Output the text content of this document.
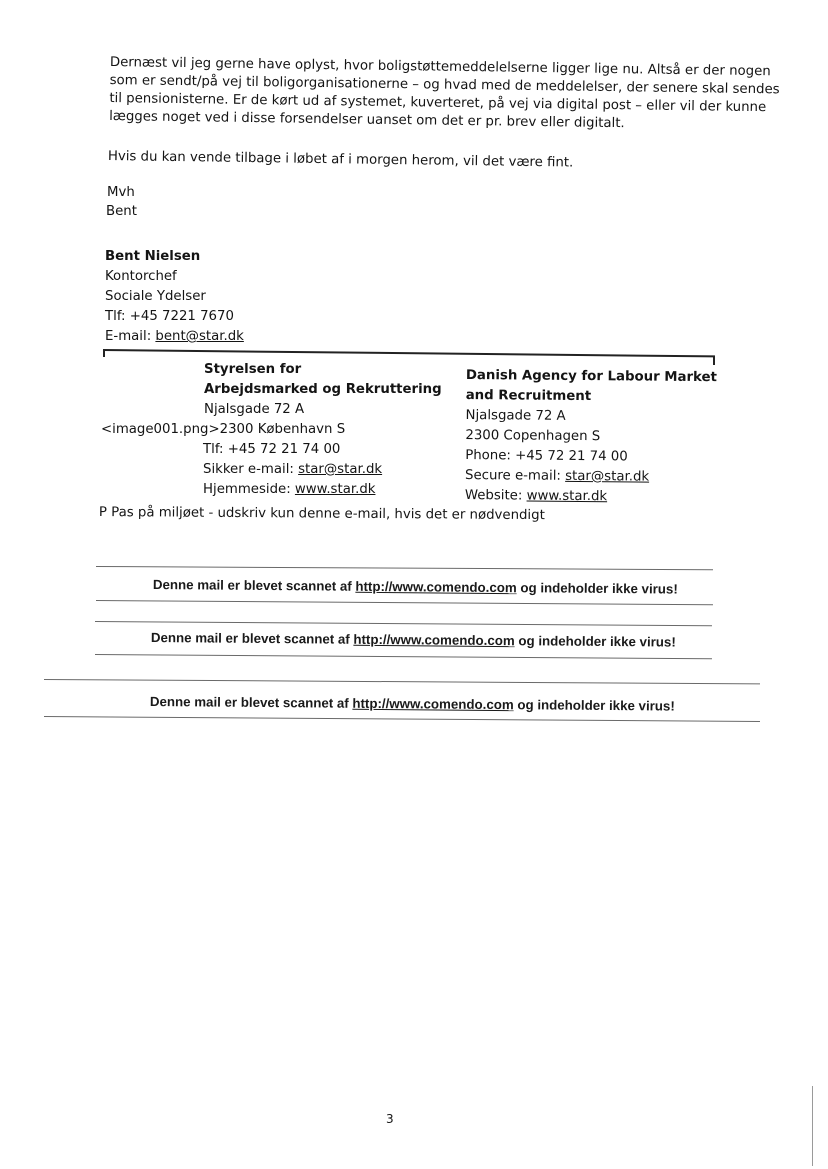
Dernæst vil jeg gerne have oplyst, hvor boligstøttemeddelelserne ligger lige nu. Altså er der nogen
som er sendt/på vej til boligorganisationerne – og hvad med de meddelelser, der senere skal sendes
til pensionisterne. Er de kørt ud af systemet, kuverteret, på vej via digital post – eller vil der kunne
lægges noget ved i disse forsendelser uanset om det er pr. brev eller digitalt.
Hvis du kan vende tilbage i løbet af i morgen herom, vil det være fint.
Mvh
Bent
Bent Nielsen
Kontorchef
Sociale Ydelser
Tlf: +45 7221 7670
E-mail: bent@star.dk
Styrelsen for
Arbejdsmarked og Rekruttering
Njalsgade 72 A
<image001.png>2300 København S
Tlf: +45 72 21 74 00
Sikker e-mail: star@star.dk
Hjemmeside: www.star.dk
Danish Agency for Labour Market
and Recruitment
Njalsgade 72 A
2300 Copenhagen S
Phone: +45 72 21 74 00
Secure e-mail: star@star.dk
Website: www.star.dk
P Pas på miljøet - udskriv kun denne e-mail, hvis det er nødvendigt
Denne mail er blevet scannet af http://www.comendo.com og indeholder ikke virus!
Denne mail er blevet scannet af http://www.comendo.com og indeholder ikke virus!
Denne mail er blevet scannet af http://www.comendo.com og indeholder ikke virus!
3
